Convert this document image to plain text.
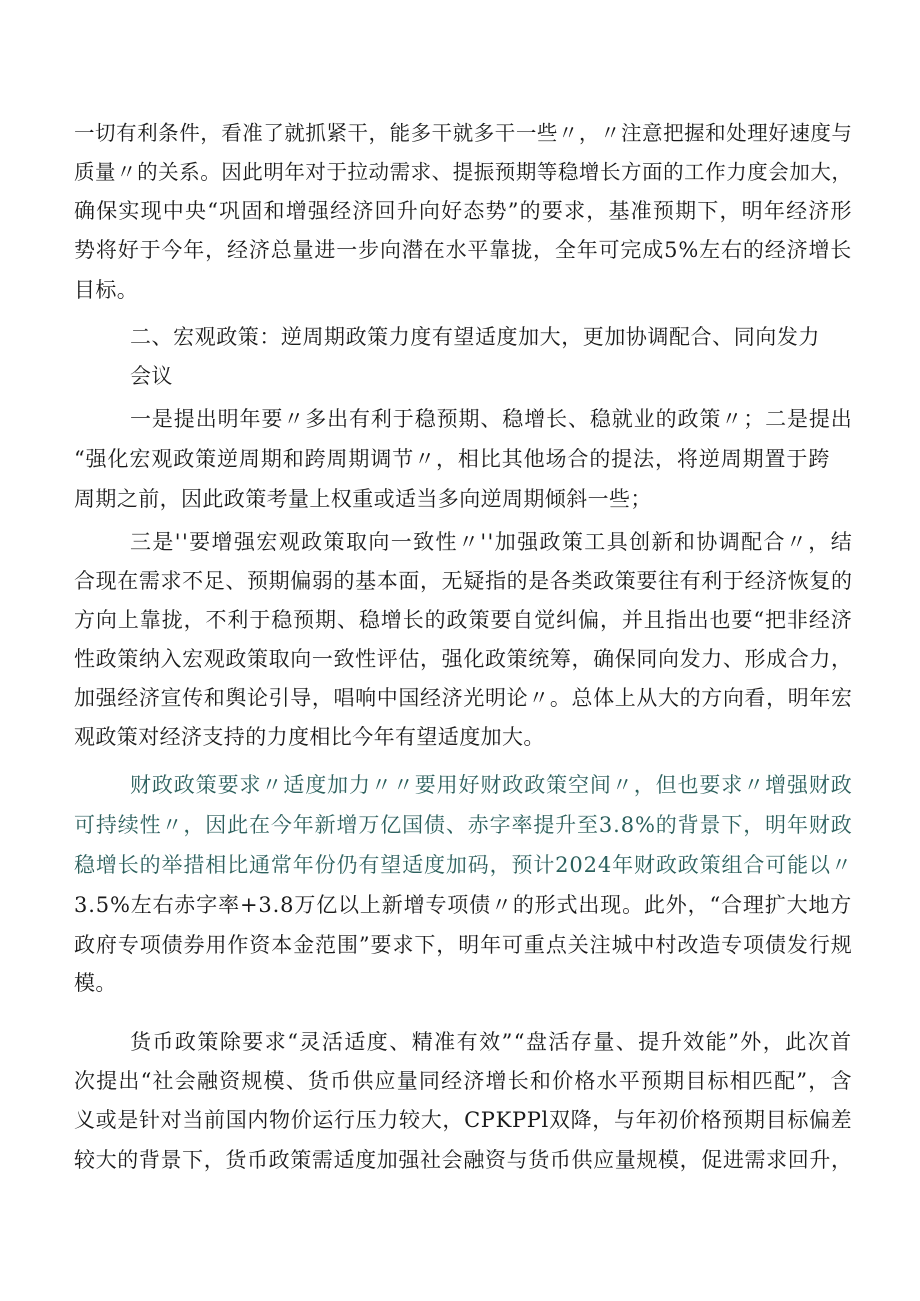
一切有利条件，看准了就抓紧干，能多干就多干一些〃，〃注意把握和处理好速度与
质量〃的关系。因此明年对于拉动需求、提振预期等稳增长方面的工作力度会加大，
确保实现中央“巩固和增强经济回升向好态势”的要求，基准预期下，明年经济形
势将好于今年，经济总量进一步向潜在水平靠拢，全年可完成5%左右的经济增长
目标。
二、宏观政策：逆周期政策力度有望适度加大，更加协调配合、同向发力
会议
一是提出明年要〃多出有利于稳预期、稳增长、稳就业的政策〃；二是提出
“强化宏观政策逆周期和跨周期调节〃，相比其他场合的提法，将逆周期置于跨
周期之前，因此政策考量上权重或适当多向逆周期倾斜一些；
三是''要增强宏观政策取向一致性〃''加强政策工具创新和协调配合〃，结
合现在需求不足、预期偏弱的基本面，无疑指的是各类政策要往有利于经济恢复的
方向上靠拢，不利于稳预期、稳增长的政策要自觉纠偏，并且指出也要“把非经济
性政策纳入宏观政策取向一致性评估，强化政策统筹，确保同向发力、形成合力，
加强经济宣传和舆论引导，唱响中国经济光明论〃。总体上从大的方向看，明年宏
观政策对经济支持的力度相比今年有望适度加大。
财政政策要求〃适度加力〃〃要用好财政政策空间〃，但也要求〃增强财政
可持续性〃，因此在今年新增万亿国债、赤字率提升至3.8%的背景下，明年财政
稳增长的举措相比通常年份仍有望适度加码，预计2024年财政政策组合可能以〃
3.5%左右赤字率+3.8万亿以上新增专项债〃的形式出现。此外，“合理扩大地方
政府专项债券用作资本金范围”要求下，明年可重点关注城中村改造专项债发行规
模。
货币政策除要求“灵活适度、精准有效”“盘活存量、提升效能”外，此次首
次提出“社会融资规模、货币供应量同经济增长和价格水平预期目标相匹配”，含
义或是针对当前国内物价运行压力较大，CPKPPl双降，与年初价格预期目标偏差
较大的背景下，货币政策需适度加强社会融资与货币供应量规模，促进需求回升，
